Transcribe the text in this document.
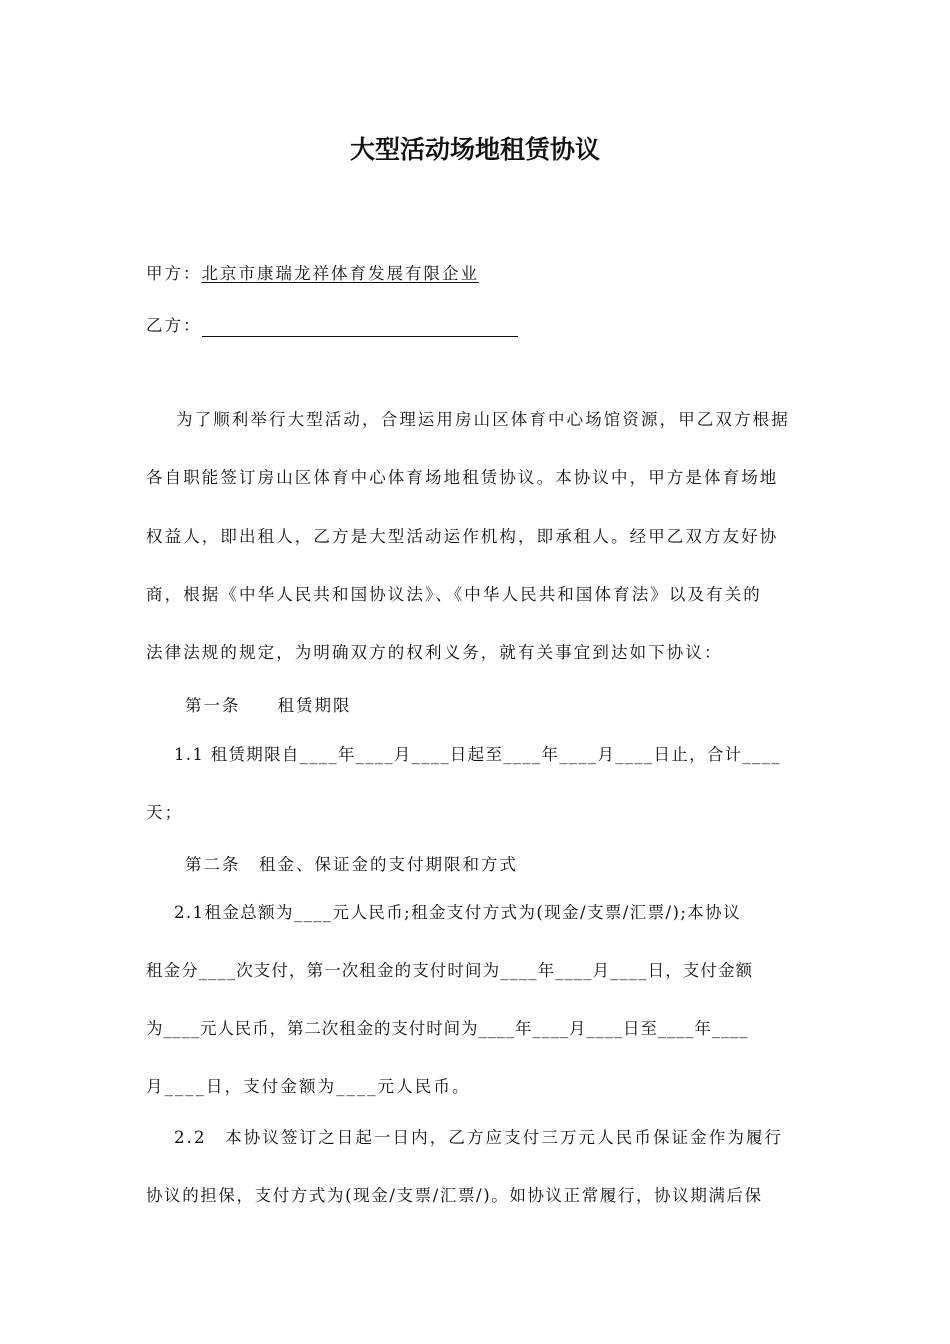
大型活动场地租赁协议
甲方：北京市康瑞龙祥体育发展有限企业
乙方：
为了顺利举行大型活动，合理运用房山区体育中心场馆资源，甲乙双方根据
各自职能签订房山区体育中心体育场地租赁协议。本协议中，甲方是体育场地
权益人，即出租人，乙方是大型活动运作机构，即承租人。经甲乙双方友好协
商，根据《中华人民共和国协议法》、《中华人民共和国体育法》以及有关的
法律法规的规定，为明确双方的权利义务，就有关事宜到达如下协议：
第一条　　租赁期限
1.1 租赁期限自____年____月____日起至____年____月____日止，合计____
天；
第二条　租金、保证金的支付期限和方式
2.1租金总额为____元人民币;租金支付方式为(现金/支票/汇票/);本协议
租金分____次支付，第一次租金的支付时间为____年____月____日，支付金额
为____元人民币，第二次租金的支付时间为____年____月____日至____年____
月____日，支付金额为____元人民币。
2.2　本协议签订之日起一日内，乙方应支付三万元人民币保证金作为履行
协议的担保，支付方式为(现金/支票/汇票/)。如协议正常履行，协议期满后保
